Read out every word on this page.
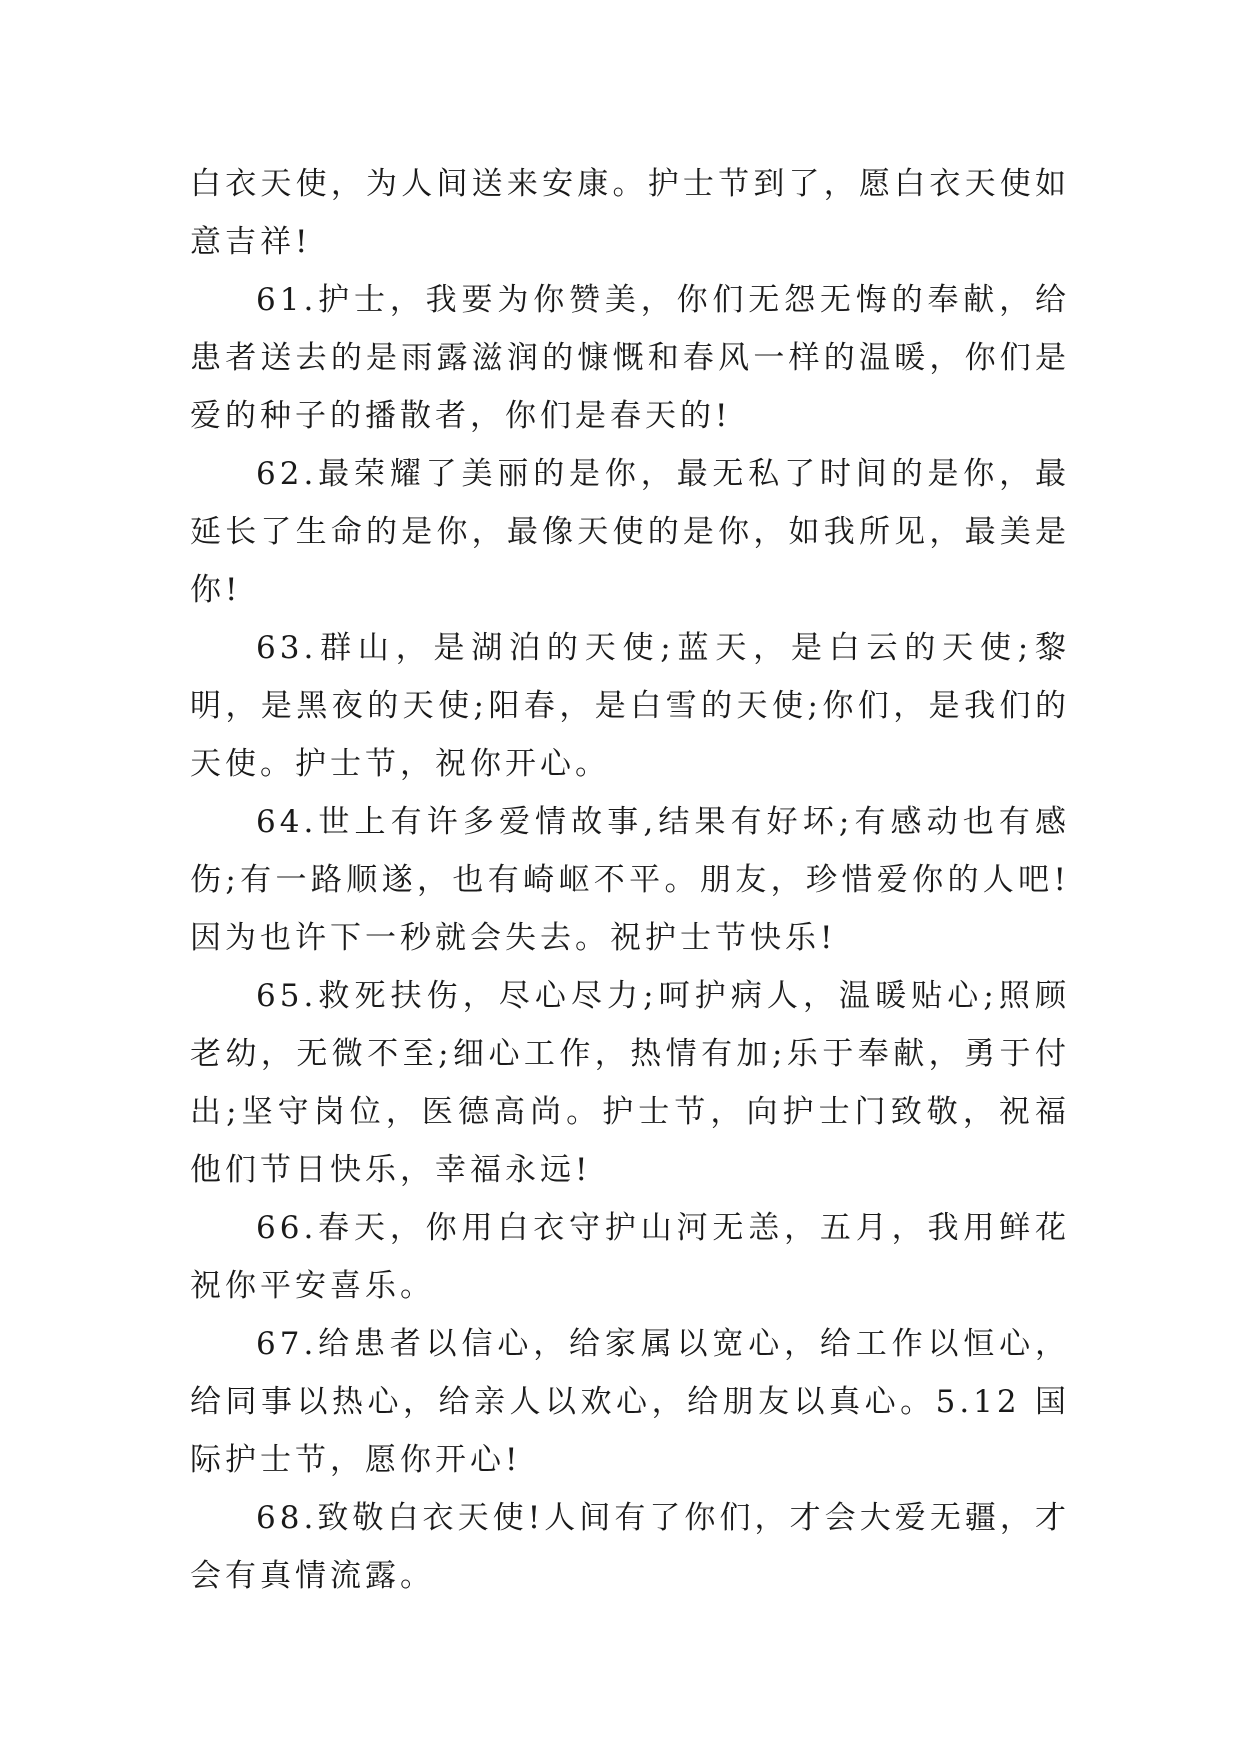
白衣天使，为人间送来安康。护士节到了，愿白衣天使如意吉祥!

61.护士，我要为你赞美，你们无怨无悔的奉献，给患者送去的是雨露滋润的慷慨和春风一样的温暖，你们是爱的种子的播散者，你们是春天的!

62.最荣耀了美丽的是你，最无私了时间的是你，最延长了生命的是你，最像天使的是你，如我所见，最美是你!

63.群山，是湖泊的天使;蓝天，是白云的天使;黎明，是黑夜的天使;阳春，是白雪的天使;你们，是我们的天使。护士节，祝你开心。

64.世上有许多爱情故事,结果有好坏;有感动也有感伤;有一路顺遂，也有崎岖不平。朋友，珍惜爱你的人吧!因为也许下一秒就会失去。祝护士节快乐!

65.救死扶伤，尽心尽力;呵护病人，温暖贴心;照顾老幼，无微不至;细心工作，热情有加;乐于奉献，勇于付出;坚守岗位，医德高尚。护士节，向护士门致敬，祝福他们节日快乐，幸福永远!

66.春天，你用白衣守护山河无恙，五月，我用鲜花祝你平安喜乐。

67.给患者以信心，给家属以宽心，给工作以恒心，给同事以热心，给亲人以欢心，给朋友以真心。5.12 国际护士节，愿你开心!

68.致敬白衣天使!人间有了你们，才会大爱无疆，才会有真情流露。
